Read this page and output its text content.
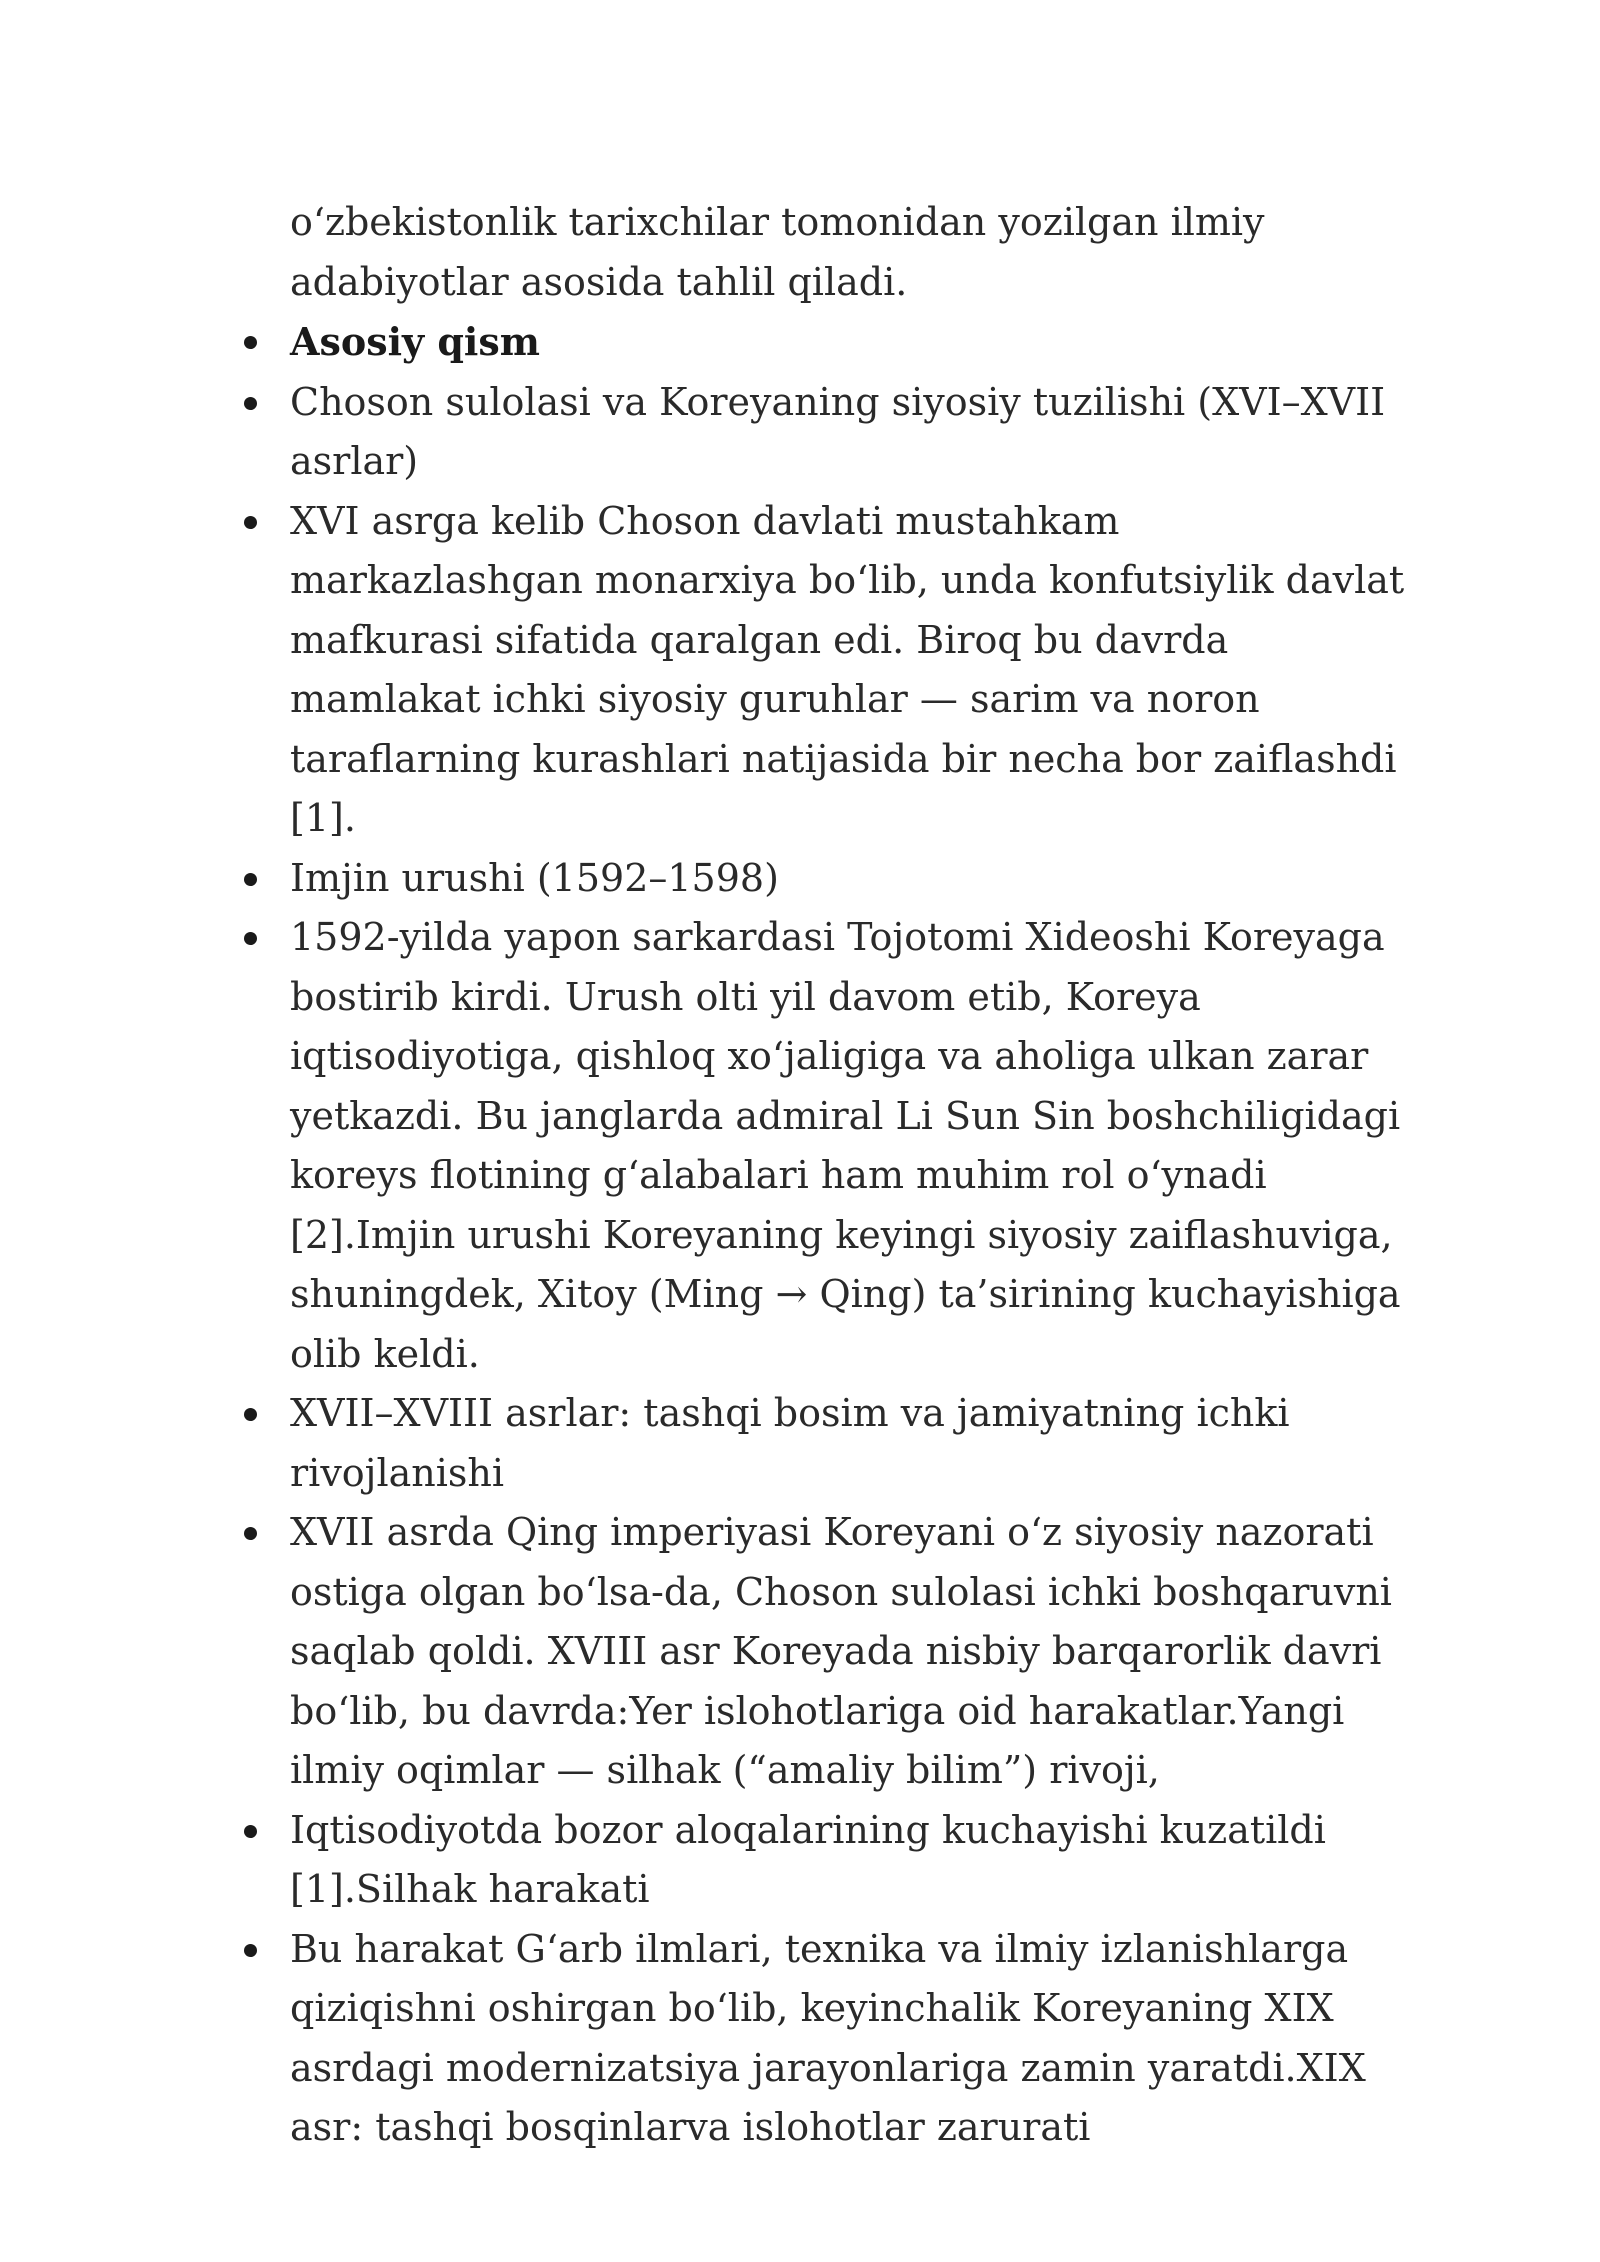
o‘zbekistonlik tarixchilar tomonidan yozilgan ilmiy adabiyotlar asosida tahlil qiladi.

Asosiy qism
Choson sulolasi va Koreyaning siyosiy tuzilishi (XVI–XVII asrlar)
XVI asrga kelib Choson davlati mustahkam markazlashgan monarxiya bo‘lib, unda konfutsiylik davlat mafkurasi sifatida qaralgan edi. Biroq bu davrda mamlakat ichki siyosiy guruhlar — sarim va noron taraflarning kurashlari natijasida bir necha bor zaiflashdi [1].
Imjin urushi (1592–1598)
1592-yilda yapon sarkardasi Tojotomi Xideoshi Koreyaga bostirib kirdi. Urush olti yil davom etib, Koreya iqtisodiyotiga, qishloq xo‘jaligiga va aholiga ulkan zarar yetkazdi. Bu janglarda admiral Li Sun Sin boshchiligidagi koreys flotining g‘alabalari ham muhim rol o‘ynadi [2].Imjin urushi Koreyaning keyingi siyosiy zaiflashuviga, shuningdek, Xitoy (Ming → Qing) ta’sirining kuchayishiga olib keldi.
XVII–XVIII asrlar: tashqi bosim va jamiyatning ichki rivojlanishi
XVII asrda Qing imperiyasi Koreyani o‘z siyosiy nazorati ostiga olgan bo‘lsa-da, Choson sulolasi ichki boshqaruvni saqlab qoldi. XVIII asr Koreyada nisbiy barqarorlik davri bo‘lib, bu davrda:Yer islohotlariga oid harakatlar.Yangi ilmiy oqimlar — silhak (“amaliy bilim”) rivoji,
Iqtisodiyotda bozor aloqalarining kuchayishi kuzatildi [1].Silhak harakati
Bu harakat G‘arb ilmlari, texnika va ilmiy izlanishlarga qiziqishni oshirgan bo‘lib, keyinchalik Koreyaning XIX asrdagi modernizatsiya jarayonlariga zamin yaratdi.XIX asr: tashqi bosqinlarva islohotlar zarurati
